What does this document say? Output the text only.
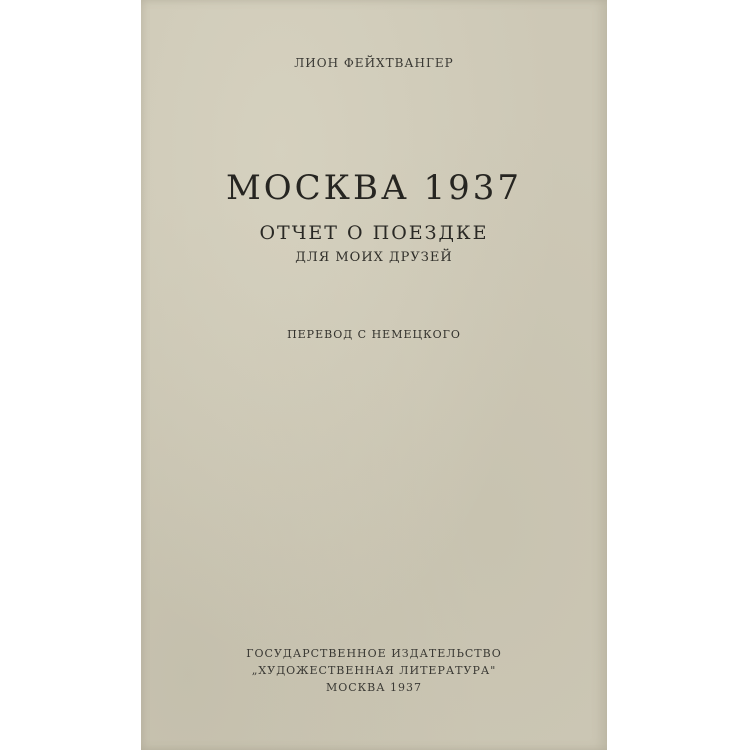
ЛИОН ФЕЙХТВАНГЕР
МОСКВА 1937
ОТЧЕТ О ПОЕЗДКЕ
ДЛЯ МОИХ ДРУЗЕЙ
ПЕРЕВОД С НЕМЕЦКОГО
ГОСУДАРСТВЕННОЕ ИЗДАТЕЛЬСТВО
„ХУДОЖЕСТВЕННАЯ ЛИТЕРАТУРА"
МОСКВА 1937
